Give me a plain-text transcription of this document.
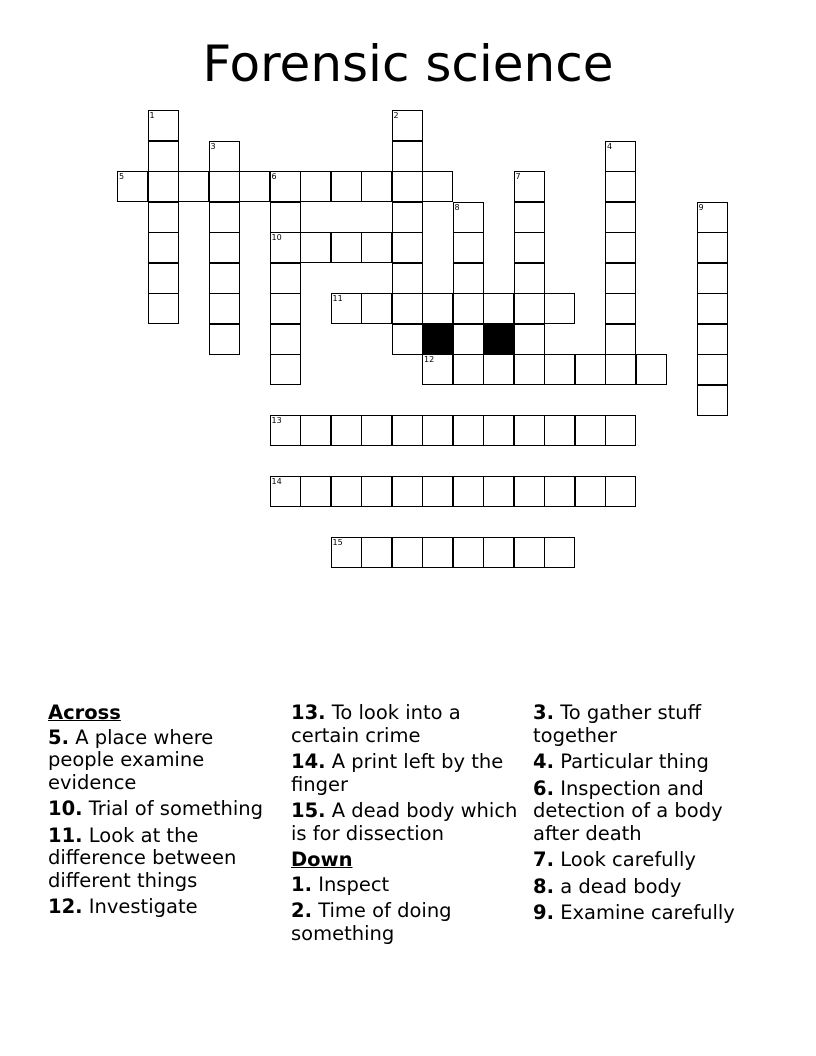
Forensic science
1	2
3	4
5	6
10
7
8	9
11
12
13
14
15
Across
5. A place where people examine evidence
10. Trial of something
11. Look at the difference between different things
12. Investigate
13. To look into a certain crime
14. A print left by the finger
15. A dead body which is for dissection
Down
1. Inspect
2. Time of doing something
3. To gather stuff together
4. Particular thing
6. Inspection and detection of a body after death
7. Look carefully
8. a dead body
9. Examine carefully
